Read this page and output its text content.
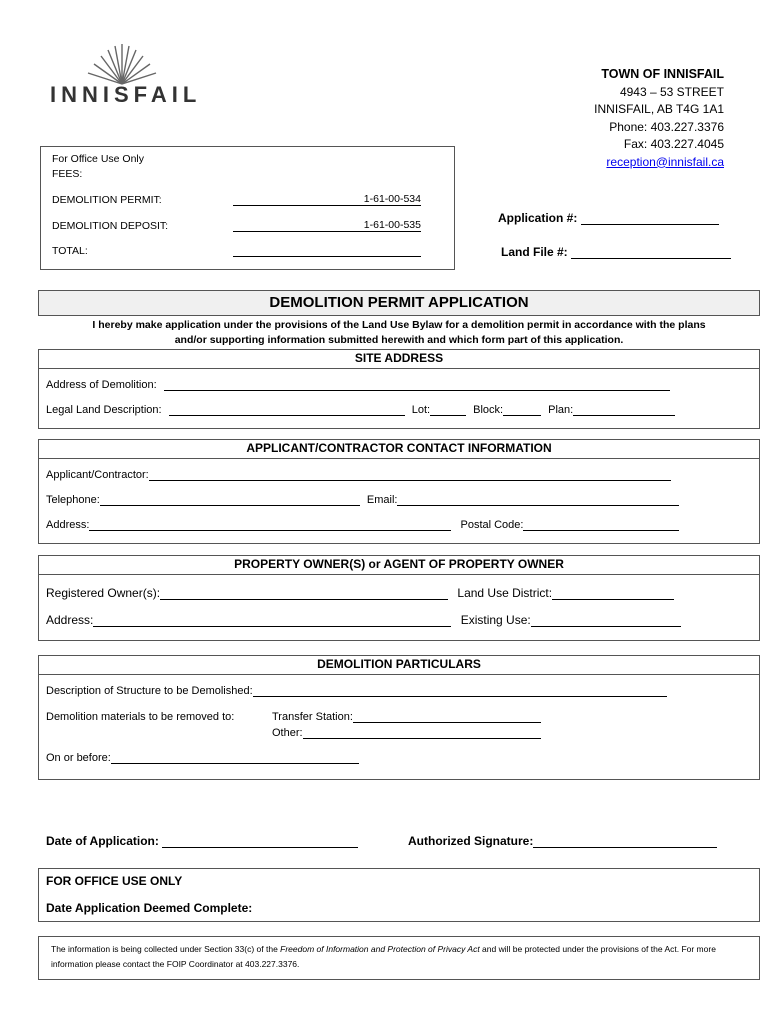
INNISFAIL
TOWN OF INNISFAIL
4943 – 53 STREET
INNISFAIL, AB T4G 1A1
Phone: 403.227.3376
Fax: 403.227.4045
reception@innisfail.ca
For Office Use Only
FEES:
DEMOLITION PERMIT:	1-61-00-534
DEMOLITION DEPOSIT:	1-61-00-535
TOTAL:
Application #:
Land File #:
DEMOLITION PERMIT APPLICATION
I hereby make application under the provisions of the Land Use Bylaw for a demolition permit in accordance with the plans
and/or supporting information submitted herewith and which form part of this application.
SITE ADDRESS
Address of Demolition:
Legal Land Description:	Lot:	Block:	Plan:
APPLICANT/CONTRACTOR CONTACT INFORMATION
Applicant/Contractor:
Telephone:	Email:
Address:	Postal Code:
PROPERTY OWNER(S) or AGENT OF PROPERTY OWNER
Registered Owner(s):	Land Use District:
Address:	Existing Use:
DEMOLITION PARTICULARS
Description of Structure to be Demolished:
Demolition materials to be removed to:	Transfer Station:
Other:
On or before:
Date of Application:	Authorized Signature:
FOR OFFICE USE ONLY
Date Application Deemed Complete:
The information is being collected under Section 33(c) of the Freedom of Information and Protection of Privacy Act and will be protected under the provisions of the Act. For more information please contact the FOIP Coordinator at 403.227.3376.
